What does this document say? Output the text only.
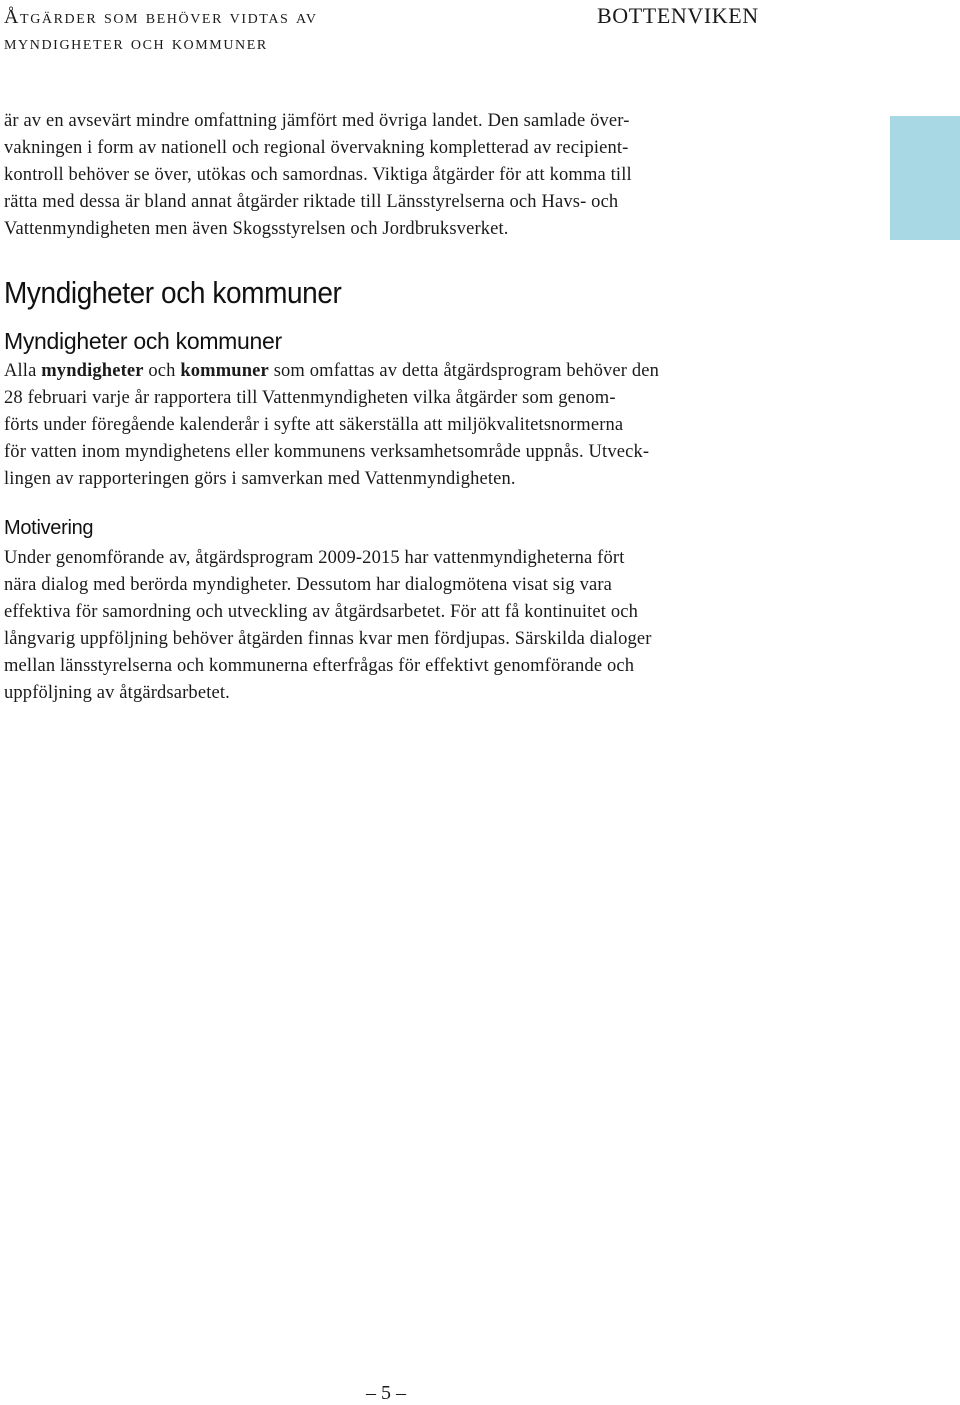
Åtgärder som behöver vidtas av
myndigheter och kommuner
BOTTENVIKEN

är av en avsevärt mindre omfattning jämfört med övriga landet. Den samlade över-
vakningen i form av nationell och regional övervakning kompletterad av recipient-
kontroll behöver se över, utökas och samordnas. Viktiga åtgärder för att komma till
rätta med dessa är bland annat åtgärder riktade till Länsstyrelserna och Havs- och
Vattenmyndigheten men även Skogsstyrelsen och Jordbruksverket.

Myndigheter och kommuner
Myndigheter och kommuner

Alla myndigheter och kommuner som omfattas av detta åtgärdsprogram behöver den
28 februari varje år rapportera till Vattenmyndigheten vilka åtgärder som genom-
förts under föregående kalenderår i syfte att säkerställa att miljökvalitetsnormerna
för vatten inom myndighetens eller kommunens verksamhetsområde uppnås. Utveck-
lingen av rapporteringen görs i samverkan med Vattenmyndigheten.

Motivering

Under genomförande av, åtgärdsprogram 2009-2015 har vattenmyndigheterna fört
nära dialog med berörda myndigheter. Dessutom har dialogmötena visat sig vara
effektiva för samordning och utveckling av åtgärdsarbetet. För att få kontinuitet och
långvarig uppföljning behöver åtgärden finnas kvar men fördjupas. Särskilda dialoger
mellan länsstyrelserna och kommunerna efterfrågas för effektivt genomförande och
uppföljning av åtgärdsarbetet.

– 5 –
